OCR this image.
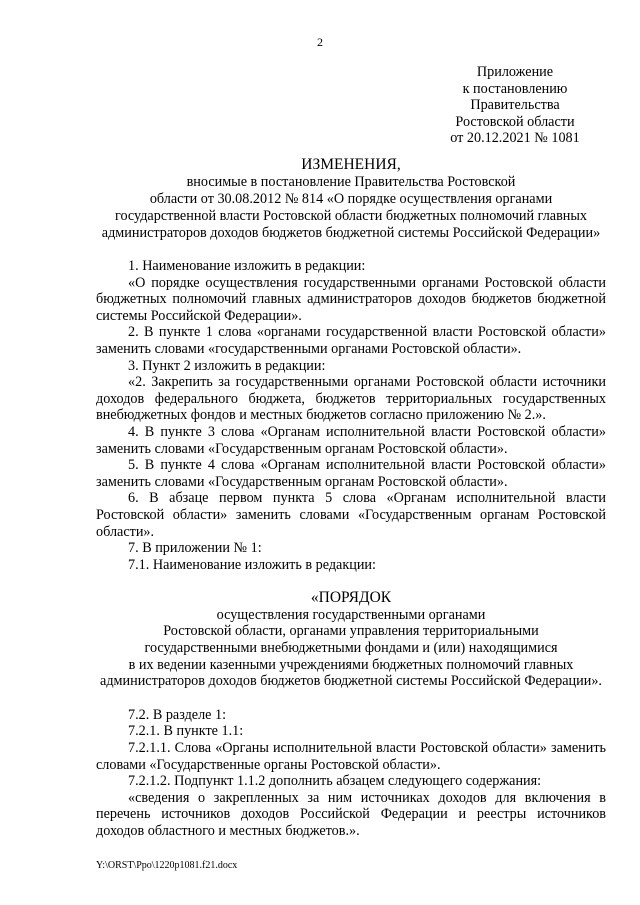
2
Приложение
к постановлению
Правительства
Ростовской области
от 20.12.2021 № 1081
ИЗМЕНЕНИЯ,
вносимые в постановление Правительства Ростовской
области от 30.08.2012 № 814 «О порядке осуществления органами
государственной власти Ростовской области бюджетных полномочий главных
администраторов доходов бюджетов бюджетной системы Российской Федерации»

1. Наименование изложить в редакции:

«О порядке осуществления государственными органами Ростовской области бюджетных полномочий главных администраторов доходов бюджетов бюджетной системы Российской Федерации».

2. В пункте 1 слова «органами государственной власти Ростовской области» заменить словами «государственными органами Ростовской области».

3. Пункт 2 изложить в редакции:

«2. Закрепить за государственными органами Ростовской области источники доходов федерального бюджета, бюджетов территориальных государственных внебюджетных фондов и местных бюджетов согласно приложению № 2.».

4. В пункте 3 слова «Органам исполнительной власти Ростовской области» заменить словами «Государственным органам Ростовской области».

5. В пункте 4 слова «Органам исполнительной власти Ростовской области» заменить словами «Государственным органам Ростовской области».

6. В абзаце первом пункта 5 слова «Органам исполнительной власти Ростовской области» заменить словами «Государственным органам Ростовской области».

7. В приложении № 1:

7.1. Наименование изложить в редакции:

«ПОРЯДОК
осуществления государственными органами
Ростовской области, органами управления территориальными
государственными внебюджетными фондами и (или) находящимися
в их ведении казенными учреждениями бюджетных полномочий главных
администраторов доходов бюджетов бюджетной системы Российской Федерации».

7.2. В разделе 1:

7.2.1. В пункте 1.1:

7.2.1.1. Слова «Органы исполнительной власти Ростовской области» заменить словами «Государственные органы Ростовской области».

7.2.1.2. Подпункт 1.1.2 дополнить абзацем следующего содержания:

«сведения о закрепленных за ним источниках доходов для включения в перечень источников доходов Российской Федерации и реестры источников доходов областного и местных бюджетов.».

Y:\ORST\Ppo\1220p1081.f21.docx
